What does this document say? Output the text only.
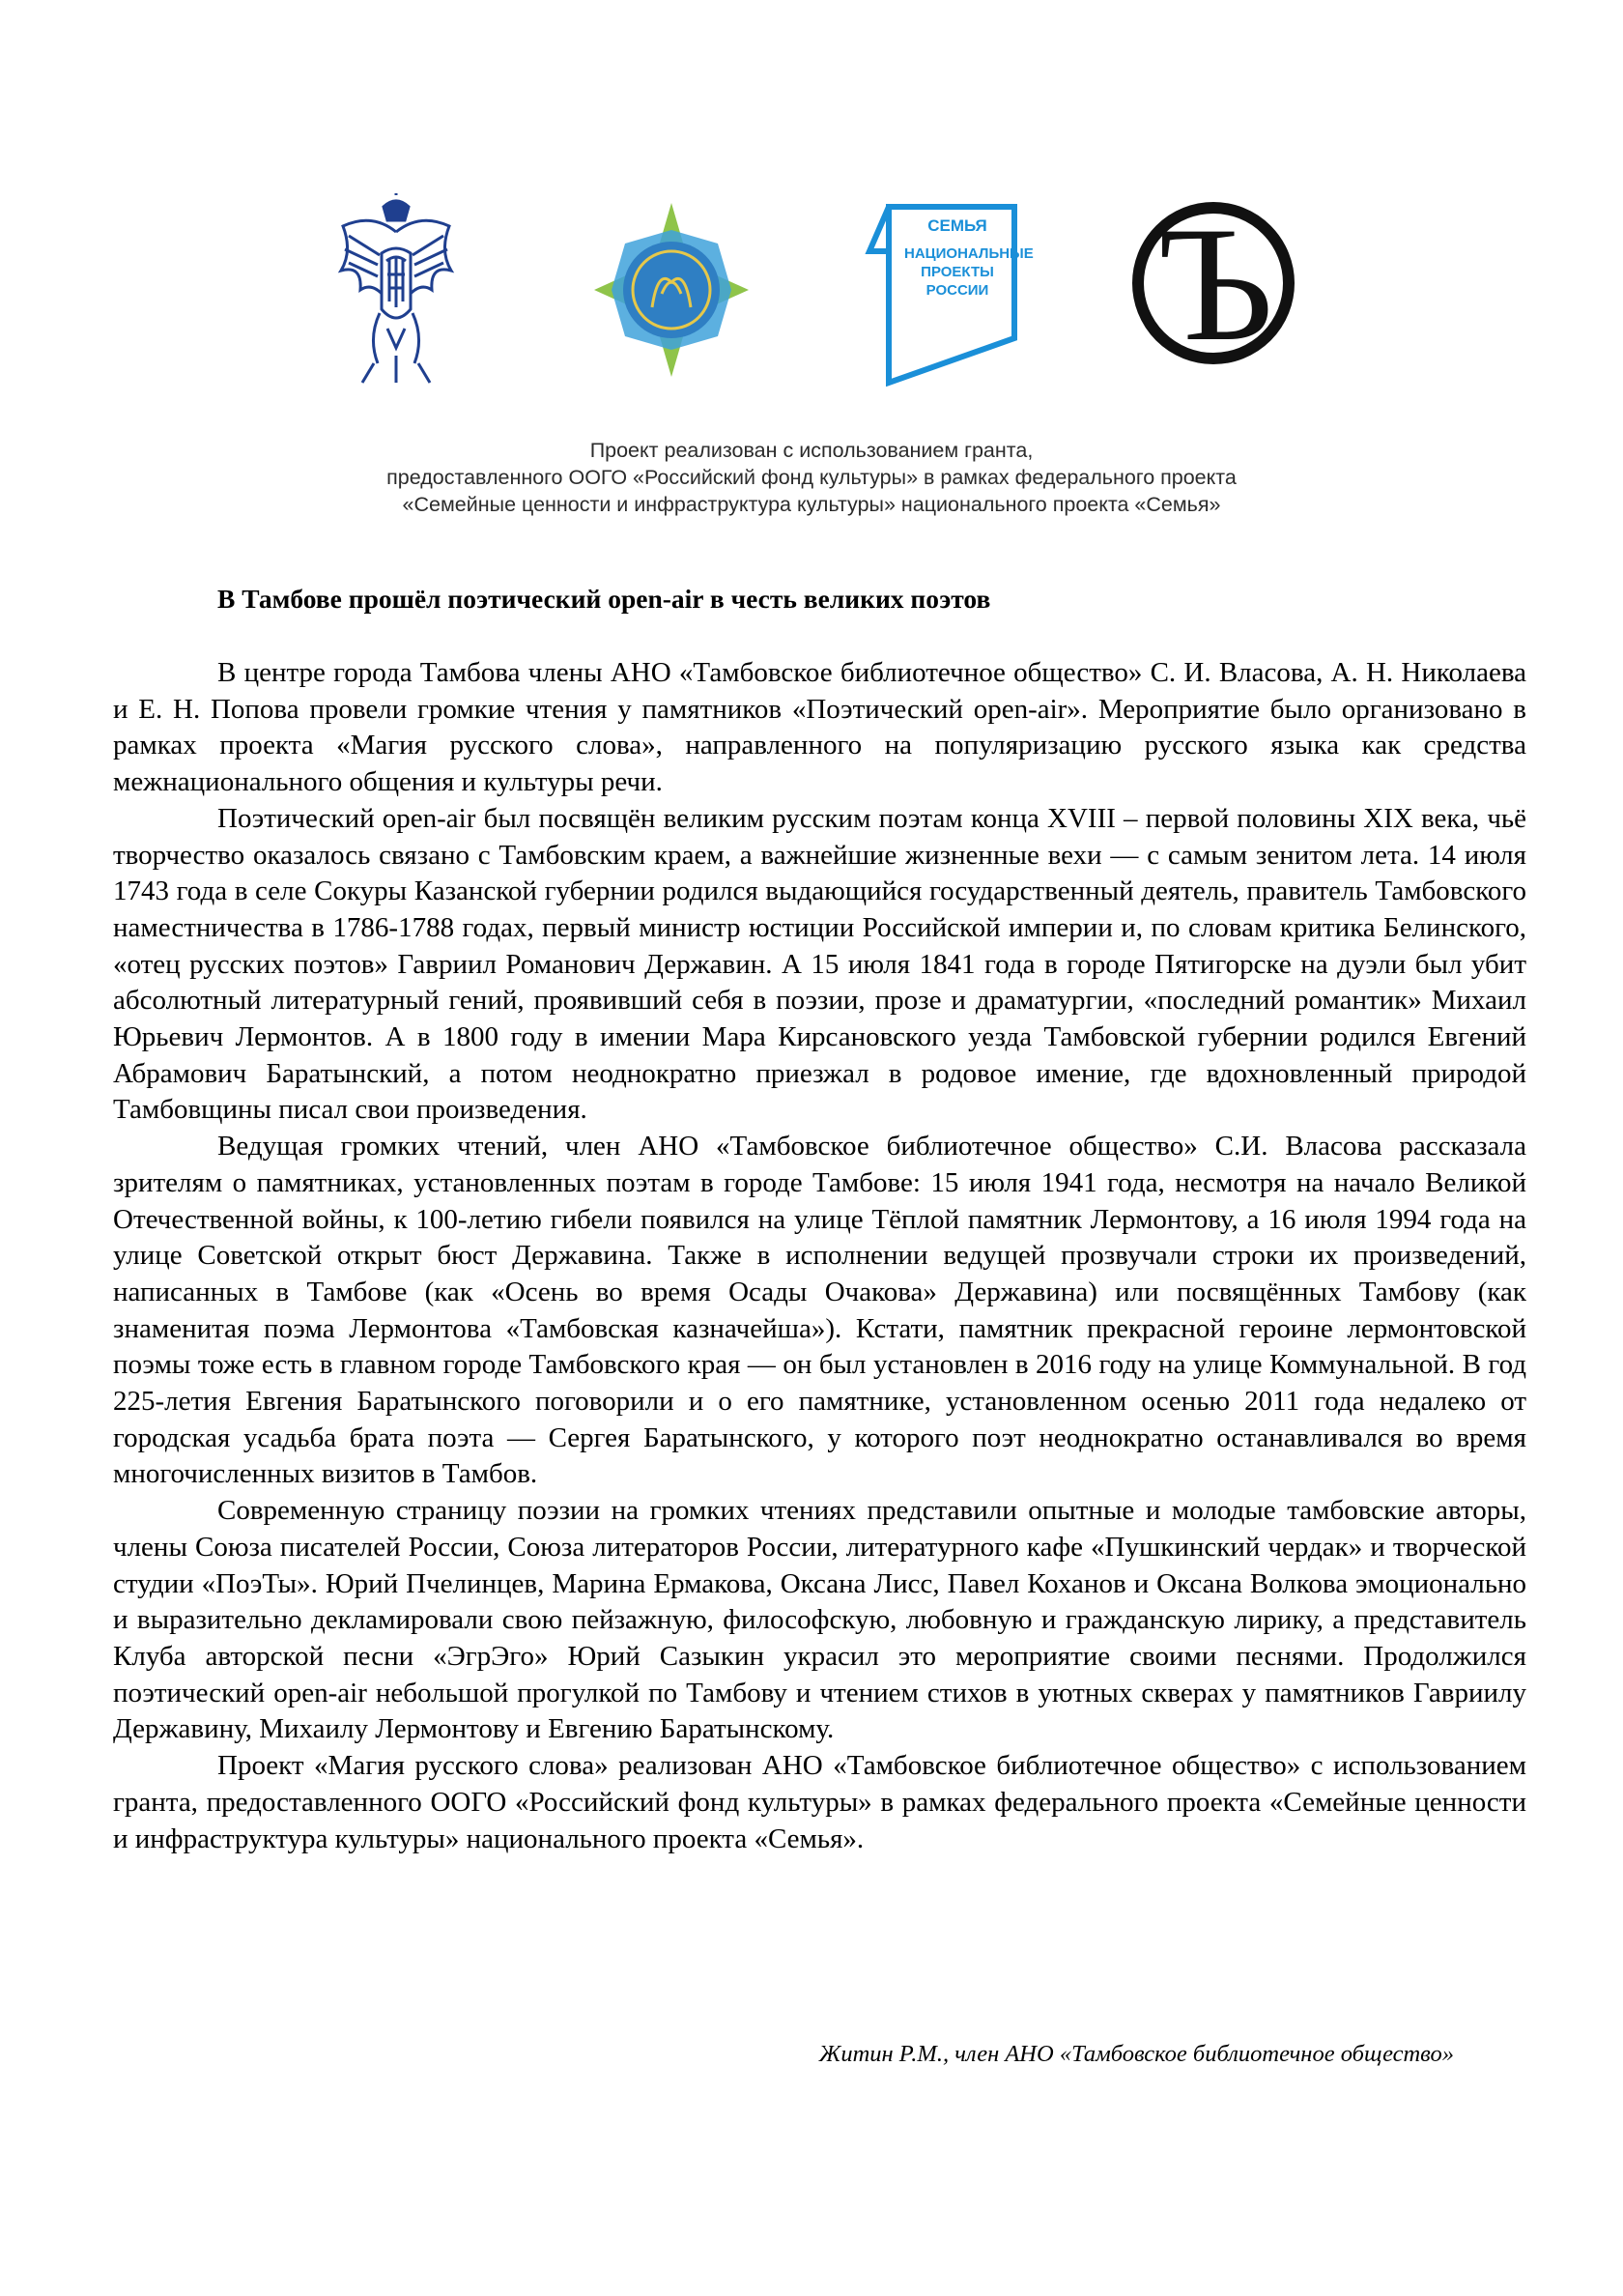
СЕМЬЯ
НАЦИОНАЛЬНЫЕ
ПРОЕКТЫ
РОССИИ Ъ
Проект реализован с использованием гранта,
предоставленного ООГО «Российский фонд культуры» в рамках федерального проекта
«Семейные ценности и инфраструктура культуры» национального проекта «Семья»
В Тамбове прошёл поэтический open-air в честь великих поэтов

В центре города Тамбова члены АНО «Тамбовское библиотечное общество» С. И. Власова, А. Н. Николаева и Е. Н. Попова провели громкие чтения у памятников «Поэтический open-air». Мероприятие было организовано в рамках проекта «Магия русского слова», направленного на популяризацию русского языка как средства межнационального общения и культуры речи.

Поэтический open-air был посвящён великим русским поэтам конца XVIII – первой половины XIX века, чьё творчество оказалось связано с Тамбовским краем, а важнейшие жизненные вехи — с самым зенитом лета. 14 июля 1743 года в селе Сокуры Казанской губернии родился выдающийся государственный деятель, правитель Тамбовского наместничества в 1786-1788 годах, первый министр юстиции Российской империи и, по словам критика Белинского, «отец русских поэтов» Гавриил Романович Державин. А 15 июля 1841 года в городе Пятигорске на дуэли был убит абсолютный литературный гений, проявивший себя в поэзии, прозе и драматургии, «последний романтик» Михаил Юрьевич Лермонтов. А в 1800 году в имении Мара Кирсановского уезда Тамбовской губернии родился Евгений Абрамович Баратынский, а потом неоднократно приезжал в родовое имение, где вдохновленный природой Тамбовщины писал свои произведения.

Ведущая громких чтений, член АНО «Тамбовское библиотечное общество» С.И. Власова рассказала зрителям о памятниках, установленных поэтам в городе Тамбове: 15 июля 1941 года, несмотря на начало Великой Отечественной войны, к 100-летию гибели появился на улице Тёплой памятник Лермонтову, а 16 июля 1994 года на улице Советской открыт бюст Державина. Также в исполнении ведущей прозвучали строки их произведений, написанных в Тамбове (как «Осень во время Осады Очакова» Державина) или посвящённых Тамбову (как знаменитая поэма Лермонтова «Тамбовская казначейша»). Кстати, памятник прекрасной героине лермонтовской поэмы тоже есть в главном городе Тамбовского края — он был установлен в 2016 году на улице Коммунальной. В год 225-летия Евгения Баратынского поговорили и о его памятнике, установленном осенью 2011 года недалеко от городская усадьба брата поэта — Сергея Баратынского, у которого поэт неоднократно останавливался во время многочисленных визитов в Тамбов.

Современную страницу поэзии на громких чтениях представили опытные и молодые тамбовские авторы, члены Союза писателей России, Союза литераторов России, литературного кафе «Пушкинский чердак» и творческой студии «ПоэТы». Юрий Пчелинцев, Марина Ермакова, Оксана Лисс, Павел Коханов и Оксана Волкова эмоционально и выразительно декламировали свою пейзажную, философскую, любовную и гражданскую лирику, а представитель Клуба авторской песни «ЭгрЭго» Юрий Сазыкин украсил это мероприятие своими песнями. Продолжился поэтический open-air небольшой прогулкой по Тамбову и чтением стихов в уютных скверах у памятников Гавриилу Державину, Михаилу Лермонтову и Евгению Баратынскому.

Проект «Магия русского слова» реализован АНО «Тамбовское библиотечное общество» с использованием гранта, предоставленного ООГО «Российский фонд культуры» в рамках федерального проекта «Семейные ценности и инфраструктура культуры» национального проекта «Семья».

Житин Р.М., член АНО «Тамбовское библиотечное общество»
